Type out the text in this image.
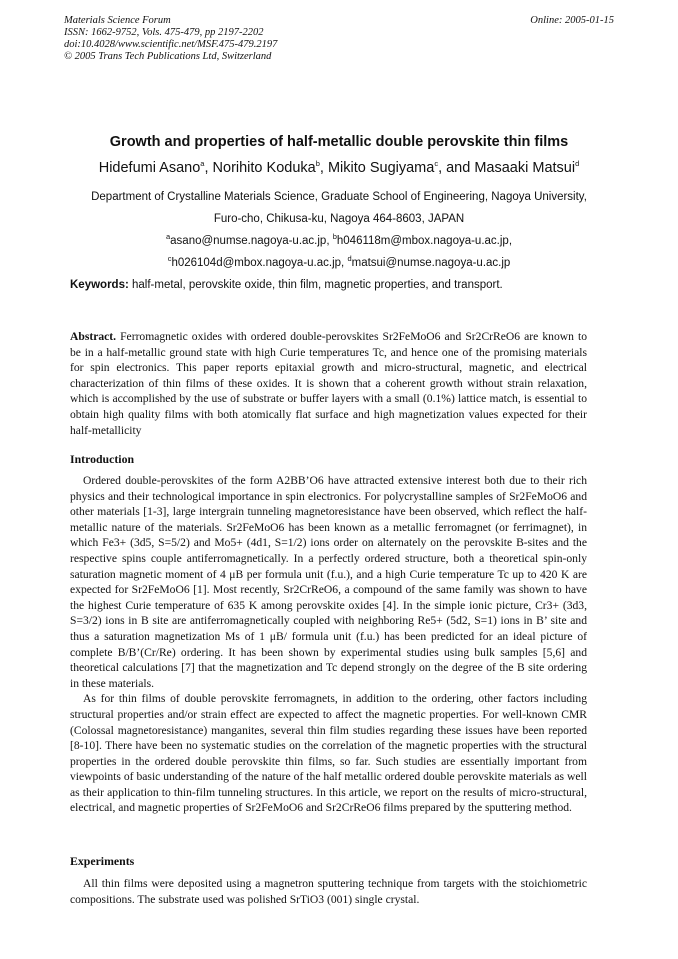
Materials Science Forum
ISSN: 1662-9752, Vols. 475-479, pp 2197-2202
doi:10.4028/www.scientific.net/MSF.475-479.2197
© 2005 Trans Tech Publications Ltd, Switzerland
Online: 2005-01-15
Growth and properties of half-metallic double perovskite thin films
Hidefumi Asano$^a$, Norihito Koduka$^b$, Mikito Sugiyama$^c$, and Masaaki Matsui$^d$
Department of Crystalline Materials Science, Graduate School of Engineering, Nagoya University,
Furo-cho, Chikusa-ku, Nagoya 464-8603, JAPAN
$^a$asano@numse.nagoya-u.ac.jp, $^b$h046118m@mbox.nagoya-u.ac.jp,
$^c$h026104d@mbox.nagoya-u.ac.jp, $^d$matsui@numse.nagoya-u.ac.jp
Keywords: half-metal, perovskite oxide, thin film, magnetic properties, and transport.
Abstract. Ferromagnetic oxides with ordered double-perovskites Sr2FeMoO6 and Sr2CrReO6 are known to be in a half-metallic ground state with high Curie temperatures Tc, and hence one of the promising materials for spin electronics. This paper reports epitaxial growth and micro-structural, magnetic, and electrical characterization of thin films of these oxides. It is shown that a coherent growth without strain relaxation, which is accomplished by the use of substrate or buffer layers with a small (0.1%) lattice match, is essential to obtain high quality films with both atomically flat surface and high magnetization values expected for their half-metallicity
Introduction

Ordered double-perovskites of the form A2BB’O6 have attracted extensive interest both due to their rich physics and their technological importance in spin electronics. For polycrystalline samples of Sr2FeMoO6 and other materials [1-3], large intergrain tunneling magnetoresistance have been observed, which reflect the half-metallic nature of the materials. Sr2FeMoO6 has been known as a metallic ferromagnet (or ferrimagnet), in which Fe3+ (3d5, S=5/2) and Mo5+ (4d1, S=1/2) ions order on alternately on the perovskite B-sites and the respective spins couple antiferromagnetically. In a perfectly ordered structure, both a theoretical spin-only saturation magnetic moment of 4 μB per formula unit (f.u.), and a high Curie temperature Tc up to 420 K are expected for Sr2FeMoO6 [1]. Most recently, Sr2CrReO6, a compound of the same family was shown to have the highest Curie temperature of 635 K among perovskite oxides [4]. In the simple ionic picture, Cr3+ (3d3, S=3/2) ions in B site are antiferromagnetically coupled with neighboring Re5+ (5d2, S=1) ions in B’ site and thus a saturation magnetization Ms of 1 μB/ formula unit (f.u.) has been predicted for an ideal picture of complete B/B’(Cr/Re) ordering. It has been shown by experimental studies using bulk samples [5,6] and theoretical calculations [7] that the magnetization and Tc depend strongly on the degree of the B site ordering in these materials.

As for thin films of double perovskite ferromagnets, in addition to the ordering, other factors including structural properties and/or strain effect are expected to affect the magnetic properties. For well-known CMR (Colossal magnetoresistance) manganites, several thin film studies regarding these issues have been reported [8-10]. There have been no systematic studies on the correlation of the magnetic properties with the structural properties in the ordered double perovskite thin films, so far. Such studies are essentially important from viewpoints of basic understanding of the nature of the half metallic ordered double perovskite materials as well as their application to thin-film tunneling structures. In this article, we report on the results of micro-structural, electrical, and magnetic properties of Sr2FeMoO6 and Sr2CrReO6 films prepared by the sputtering method.

Experiments

All thin films were deposited using a magnetron sputtering technique from targets with the stoichiometric compositions. The substrate used was polished SrTiO3 (001) single crystal.
